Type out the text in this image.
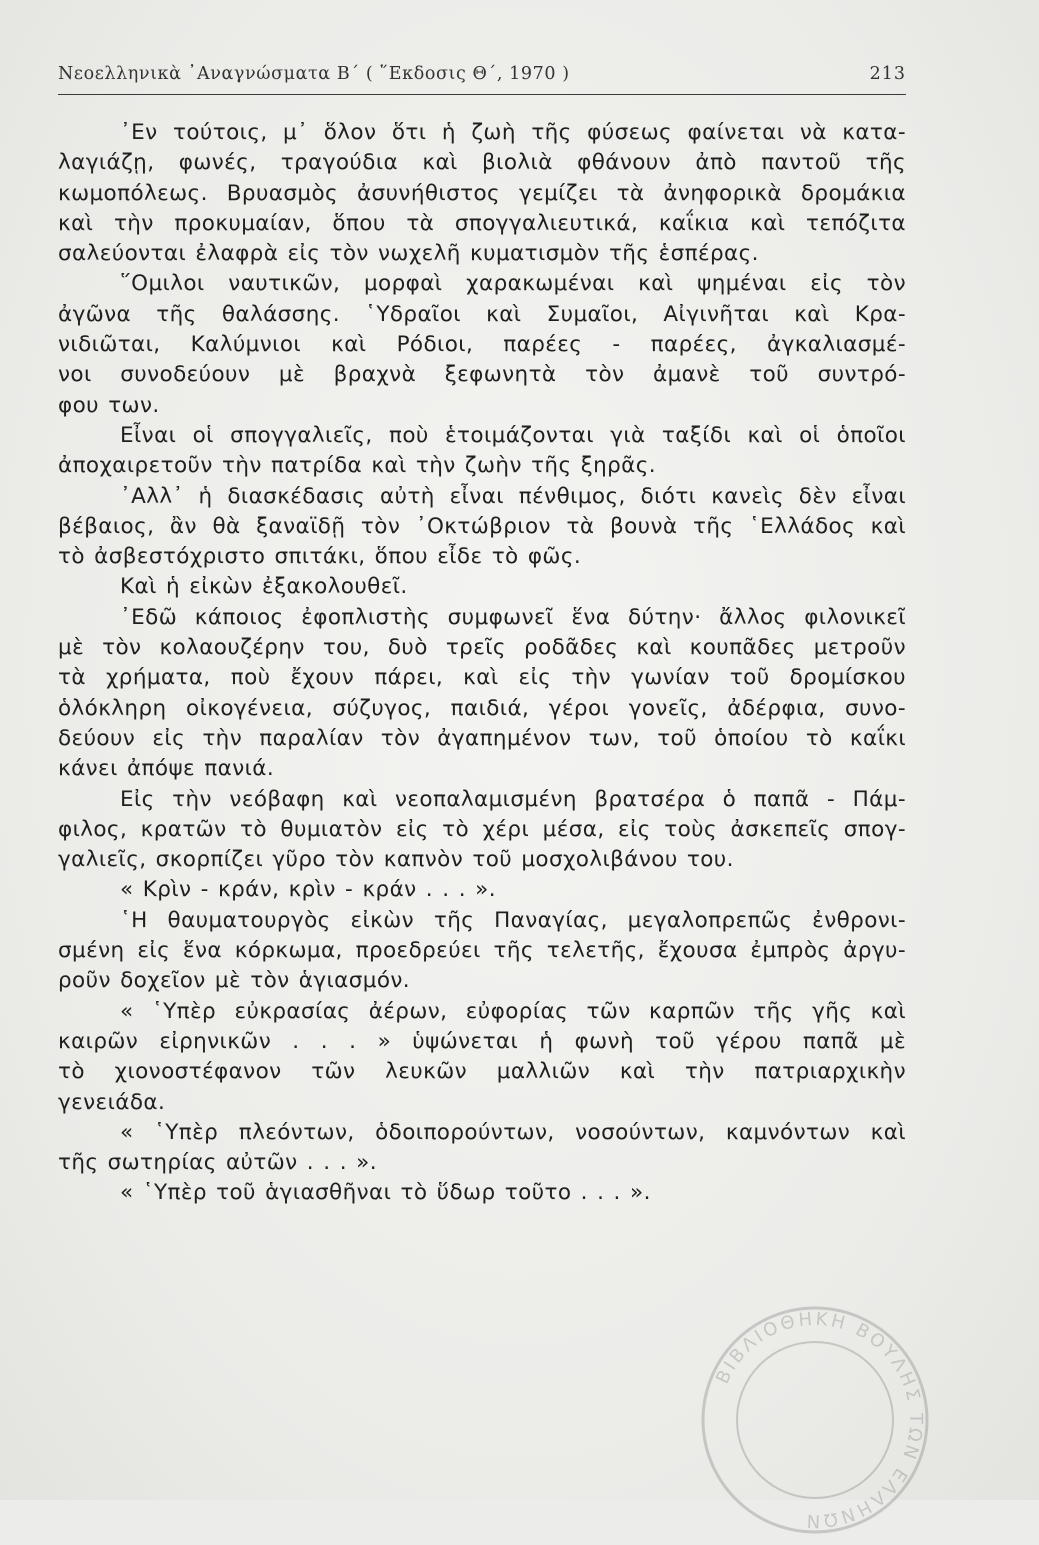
Νεοελληνικὰ ᾿Αναγνώσματα Β΄ ( ῞Εκδοσις Θ΄, 1970 )	213
᾿Εν τούτοις, μ᾿ ὅλον ὅτι ἡ ζωὴ τῆς φύσεως φαίνεται νὰ κατα-
λαγιάζῃ, φωνές, τραγούδια καὶ βιολιὰ φθάνουν ἀπὸ παντοῦ τῆς
κωμοπόλεως. Βρυασμὸς ἀσυνήθιστος γεμίζει τὰ ἀνηφορικὰ δρομάκια
καὶ τὴν προκυμαίαν, ὅπου τὰ σπογγαλιευτικά, καΐκια καὶ τεπόζιτα
σαλεύονται ἐλαφρὰ εἰς τὸν νωχελῆ κυματισμὸν τῆς ἑσπέρας.
῞Ομιλοι ναυτικῶν, μορφαὶ χαρακωμέναι καὶ ψημέναι εἰς τὸν
ἀγῶνα τῆς θαλάσσης. ῾Υδραῖοι καὶ Συμαῖοι, Αἰγινῆται καὶ Κρα-
νιδιῶται, Καλύμνιοι καὶ Ρόδιοι, παρέες - παρέες, ἀγκαλιασμέ-
νοι συνοδεύουν μὲ βραχνὰ ξεφωνητὰ τὸν ἀμανὲ τοῦ συντρό-
φου των.
Εἶναι οἱ σπογγαλιεῖς, ποὺ ἑτοιμάζονται γιὰ ταξίδι καὶ οἱ ὁποῖοι
ἀποχαιρετοῦν τὴν πατρίδα καὶ τὴν ζωὴν τῆς ξηρᾶς.
᾿Αλλ᾿ ἡ διασκέδασις αὐτὴ εἶναι πένθιμος, διότι κανεὶς δὲν εἶναι
βέβαιος, ἂν θὰ ξαναϊδῇ τὸν ᾿Οκτώβριον τὰ βουνὰ τῆς ῾Ελλάδος καὶ
τὸ ἀσβεστόχριστο σπιτάκι, ὅπου εἶδε τὸ φῶς.
Καὶ ἡ εἰκὼν ἐξακολουθεῖ.
᾿Εδῶ κάποιος ἐφοπλιστὴς συμφωνεῖ ἕνα δύτην· ἄλλος φιλονικεῖ
μὲ τὸν κολαουζέρην του, δυὸ τρεῖς ροδᾶδες καὶ κουπᾶδες μετροῦν
τὰ χρήματα, ποὺ ἔχουν πάρει, καὶ εἰς τὴν γωνίαν τοῦ δρομίσκου
ὁλόκληρη οἰκογένεια, σύζυγος, παιδιά, γέροι γονεῖς, ἀδέρφια, συνο-
δεύουν εἰς τὴν παραλίαν τὸν ἀγαπημένον των, τοῦ ὁποίου τὸ καΐκι
κάνει ἀπόψε πανιά.
Εἰς τὴν νεόβαφη καὶ νεοπαλαμισμένη βρατσέρα ὁ παπᾶ - Πάμ-
φιλος, κρατῶν τὸ θυμιατὸν εἰς τὸ χέρι μέσα, εἰς τοὺς ἀσκεπεῖς σπογ-
γαλιεῖς, σκορπίζει γῦρο τὸν καπνὸν τοῦ μοσχολιβάνου του.
« Κρὶν - κράν, κρὶν - κράν . . . ».
῾Η θαυματουργὸς εἰκὼν τῆς Παναγίας, μεγαλοπρεπῶς ἐνθρονι-
σμένη εἰς ἕνα κόρκωμα, προεδρεύει τῆς τελετῆς, ἔχουσα ἐμπρὸς ἀργυ-
ροῦν δοχεῖον μὲ τὸν ἁγιασμόν.
« ῾Υπὲρ εὐκρασίας ἀέρων, εὐφορίας τῶν καρπῶν τῆς γῆς καὶ
καιρῶν εἰρηνικῶν . . . » ὑψώνεται ἡ φωνὴ τοῦ γέρου παπᾶ μὲ
τὸ χιονοστέφανον τῶν λευκῶν μαλλιῶν καὶ τὴν πατριαρχικὴν
γενειάδα.
« ῾Υπὲρ πλεόντων, ὁδοιπορούντων, νοσούντων, καμνόντων καὶ
τῆς σωτηρίας αὐτῶν . . . ».
« ῾Υπὲρ τοῦ ἁγιασθῆναι τὸ ὕδωρ τοῦτο . . . ».
ΒΙΒΛΙΟΘΗΚΗ ΒΟΥΛΗΣ ΤΩΝ ΕΛΛΗΝΩΝ
